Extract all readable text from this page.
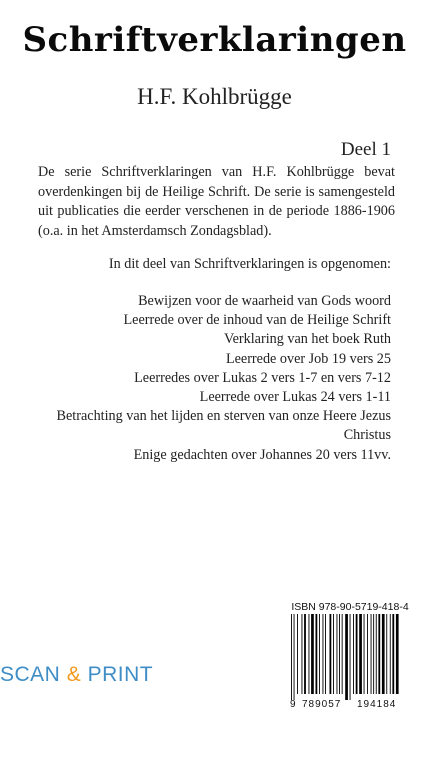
Schriftverklaringen
H.F. Kohlbrügge
Deel 1
De serie Schriftverklaringen van H.F. Kohlbrügge bevat overdenkingen bij de Heilige Schrift. De serie is samengesteld uit publicaties die eerder verschenen in de periode 1886-1906 (o.a. in het Amsterdamsch Zondagsblad).
In dit deel van Schriftverklaringen is opgenomen:
Bewijzen voor de waarheid van Gods woord
Leerrede over de inhoud van de Heilige Schrift
Verklaring van het boek Ruth
Leerrede over Job 19 vers 25
Leerredes over Lukas 2 vers 1-7 en vers 7-12
Leerrede over Lukas 24 vers 1-11
Betrachting van het lijden en sterven van onze Heere Jezus Christus
Enige gedachten over Johannes 20 vers 11vv.
SCAN & PRINT
ISBN 978-90-5719-418-4
9 789057 194184
